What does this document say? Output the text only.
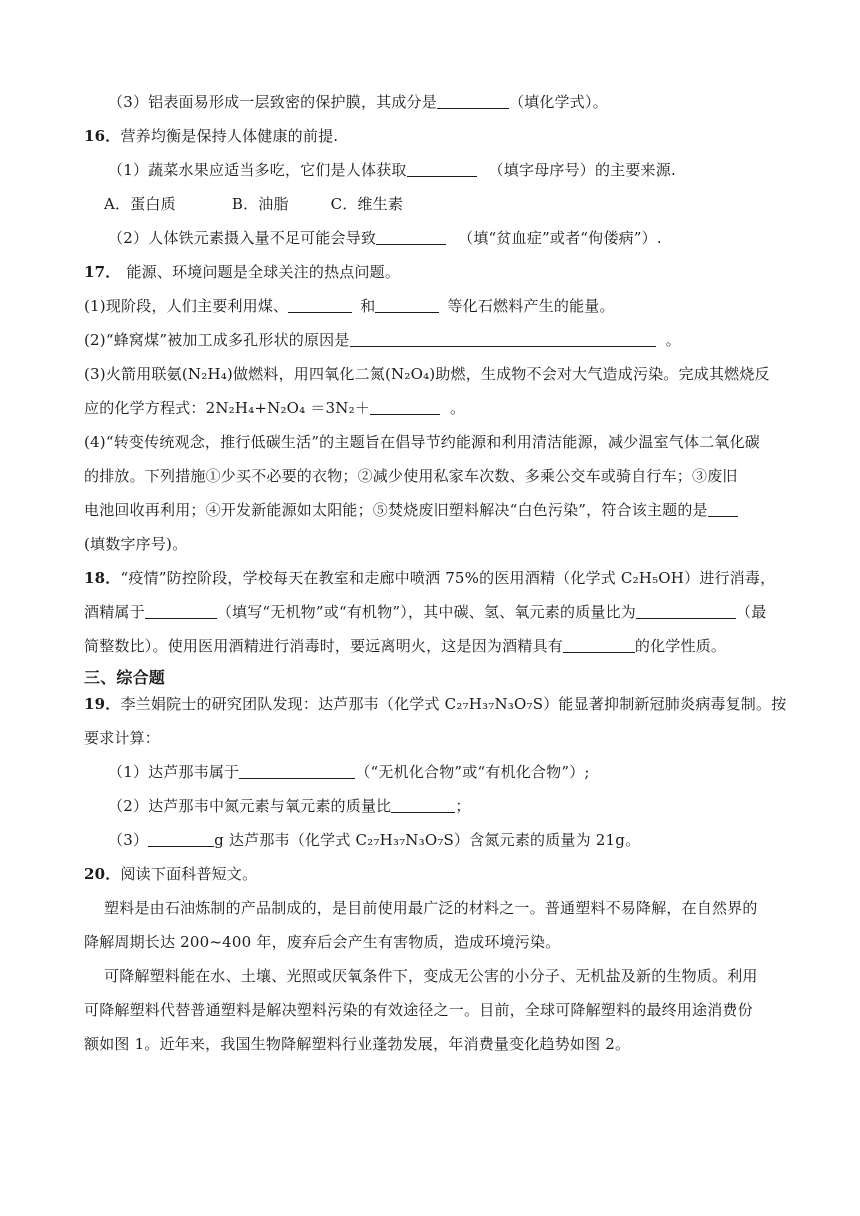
（3）铝表面易形成一层致密的保护膜，其成分是	（填化学式）。
16．营养均衡是保持人体健康的前提.
（1）蔬菜水果应适当多吃，它们是人体获取	（填字母序号）的主要来源.
A．蛋白质	B．油脂	C．维生素
（2）人体铁元素摄入量不足可能会导致	（填“贫血症”或者“佝偻病”）.
17． 能源、环境问题是全球关注的热点问题。
(1)现阶段，人们主要利用煤、	和	等化石燃料产生的能量。
(2)“蜂窝煤”被加工成多孔形状的原因是	。
(3)火箭用联氨(N₂H₄)做燃料，用四氧化二氮(N₂O₄)助燃，生成物不会对大气造成污染。完成其燃烧反
应的化学方程式：2N₂H₄+N₂O₄ ＝3N₂＋	。
(4)“转变传统观念，推行低碳生活”的主题旨在倡导节约能源和利用清洁能源，减少温室气体二氧化碳
的排放。下列措施①少买不必要的衣物；②减少使用私家车次数、多乘公交车或骑自行车；③废旧
电池回收再利用；④开发新能源如太阳能；⑤焚烧废旧塑料解决“白色污染”，符合该主题的是
(填数字序号)。
18．“疫情”防控阶段，学校每天在教室和走廊中喷洒 75%的医用酒精（化学式 C₂H₅OH）进行消毒，
酒精属于	（填写“无机物”或“有机物”），其中碳、氢、氧元素的质量比为	（最
简整数比）。使用医用酒精进行消毒时，要远离明火，这是因为酒精具有	的化学性质。
三、综合题
19．李兰娟院士的研究团队发现：达芦那韦（化学式 C₂₇H₃₇N₃O₇S）能显著抑制新冠肺炎病毒复制。按
要求计算：
（1）达芦那韦属于	（“无机化合物”或“有机化合物”）;
（2）达芦那韦中氮元素与氧元素的质量比	；
（3）	g 达芦那韦（化学式 C₂₇H₃₇N₃O₇S）含氮元素的质量为 21g。
20．阅读下面科普短文。
塑料是由石油炼制的产品制成的，是目前使用最广泛的材料之一。普通塑料不易降解，在自然界的
降解周期长达 200~400 年，废弃后会产生有害物质，造成环境污染。
可降解塑料能在水、土壤、光照或厌氧条件下，变成无公害的小分子、无机盐及新的生物质。利用
可降解塑料代替普通塑料是解决塑料污染的有效途径之一。目前，全球可降解塑料的最终用途消费份
额如图 1。近年来，我国生物降解塑料行业蓬勃发展，年消费量变化趋势如图 2。
